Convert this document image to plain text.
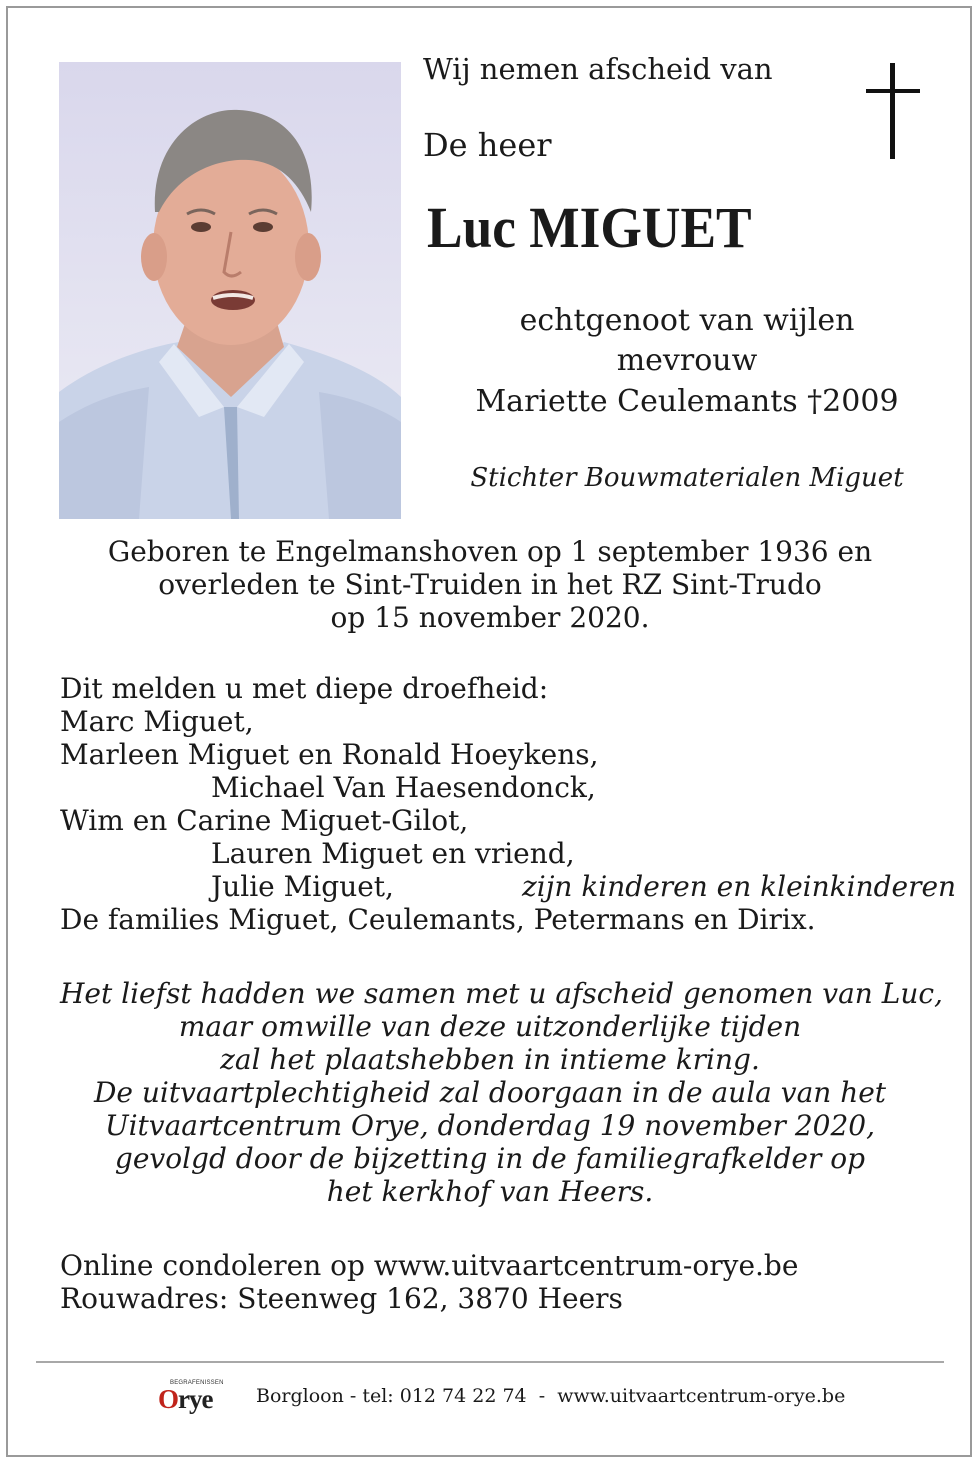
Wij nemen afscheid van
De heer
Luc MIGUET
echtgenoot van wijlen
mevrouw
Mariette Ceulemants †2009
Stichter Bouwmaterialen Miguet
Geboren te Engelmanshoven op 1 september 1936 en
overleden te Sint-Truiden in het RZ Sint-Trudo
op 15 november 2020.
Dit melden u met diepe droefheid:
Marc Miguet,
Marleen Miguet en Ronald Hoeykens,
Michael Van Haesendonck,
Wim en Carine Miguet-Gilot,
Lauren Miguet en vriend,
Julie Miguet,	zijn kinderen en kleinkinderen
De families Miguet, Ceulemants, Petermans en Dirix.
Het liefst hadden we samen met u afscheid genomen van Luc,
maar omwille van deze uitzonderlijke tijden
zal het plaatshebben in intieme kring.
De uitvaartplechtigheid zal doorgaan in de aula van het
Uitvaartcentrum Orye, donderdag 19 november 2020,
gevolgd door de bijzetting in de familiegrafkelder op
het kerkhof van Heers.
Online condoleren op www.uitvaartcentrum-orye.be
Rouwadres: Steenweg 162, 3870 Heers
BEGRAFENISSEN
Orye Borgloon - tel: 012 74 22 74  -  www.uitvaartcentrum-orye.be
